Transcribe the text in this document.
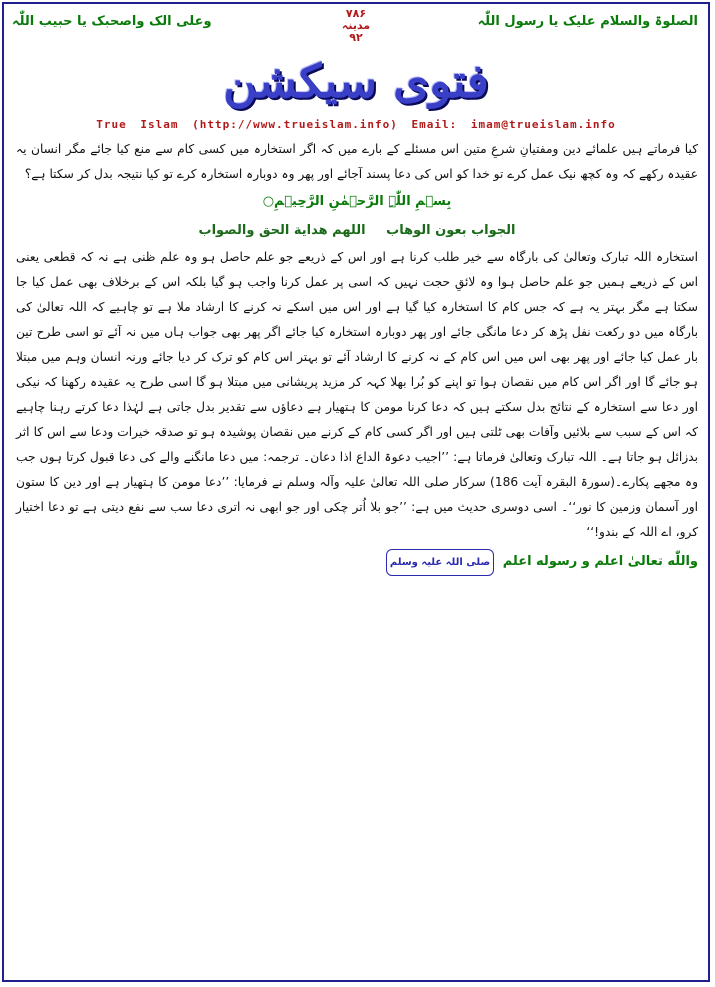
الصلوۃ والسلام علیک یا رسول اللّٰہ
۷۸۶
مدینہ
۹۲
وعلی الک واصحبک یا حبیب اللّٰہ
فتوی سیکشن
True Islam (http://www.trueislam.info) Email: imam@trueislam.info

کیا فرماتے ہیں علمائے دین ومفتیانِ شرعِ متین اس مسئلے کے بارے میں کہ اگر استخارہ میں کسی کام سے منع کیا جائے مگر انسان یہ عقیدہ رکھے کہ وہ کچھ نیک عمل کرے تو خدا کو اس کی دعا پسند آجائے اور پھر وہ دوبارہ استخارہ کرے تو کیا نتیجہ بدل کر سکتا ہے؟

بِسۡمِ اللّٰہِ الرَّحۡمٰنِ الرَّحِیۡمِ○
الجواب بعون الوهاب اللهم هداية الحق والصواب

استخارہ اللہ تبارک وتعالیٰ کی بارگاہ سے خیر طلب کرنا ہے اور اس کے ذریعے جو علم حاصل ہو وہ علم ظنی ہے نہ کہ قطعی یعنی اس کے ذریعے ہمیں جو علم حاصل ہوا وہ لائقِ حجت نہیں کہ اسی پر عمل کرنا واجب ہو گیا بلکہ اس کے برخلاف بھی عمل کیا جا سکتا ہے مگر بہتر یہ ہے کہ جس کام کا استخارہ کیا گیا ہے اور اس میں اسکے نہ کرنے کا ارشاد ملا ہے تو چاہیے کہ اللہ تعالیٰ کی بارگاہ میں دو رکعت نفل پڑھ کر دعا مانگی جائے اور پھر دوبارہ استخارہ کیا جائے اگر پھر بھی جواب ہاں میں نہ آئے تو اسی طرح تین بار عمل کیا جائے اور پھر بھی اس میں اس کام کے نہ کرنے کا ارشاد آئے تو بہتر اس کام کو ترک کر دیا جائے ورنہ انسان وہم میں مبتلا ہو جائے گا اور اگر اس کام میں نقصان ہوا تو اپنے کو بُرا بھلا کہہ کر مزید پریشانی میں مبتلا ہو گا اسی طرح یہ عقیدہ رکھنا کہ نیکی اور دعا سے استخارہ کے نتائج بدل سکتے ہیں کہ دعا کرنا مومن کا ہتھیار ہے دعاؤں سے تقدیر بدل جاتی ہے لہٰذا دعا کرتے رہنا چاہیے کہ اس کے سبب سے بلائیں وآفات بھی ٹلتی ہیں اور اگر کسی کام کے کرنے میں نقصان پوشیدہ ہو تو صدقہ خیرات ودعا سے اس کا اثر بدزائل ہو جاتا ہے۔ اللہ تبارک وتعالیٰ فرماتا ہے: ’’اجیب دعوۃ الداع اذا دعان۔ ترجمہ: میں دعا مانگنے والے کی دعا قبول کرتا ہوں جب وہ مجھے پکارے۔(سورۃ البقرہ آیت 186) سرکار صلی اللہ تعالیٰ علیہ وآلہ وسلم نے فرمایا: ’’دعا مومن کا ہتھیار ہے اور دین کا ستون اور آسمان وزمین کا نور‘‘۔ اسی دوسری حدیث میں ہے: ’’جو بلا اُتر چکی اور جو ابھی نہ اتری دعا سب سے نفع دیتی ہے تو دعا اختیار کرو، اے اللہ کے بندو!‘‘

واللّٰه تعالیٰ اعلم و رسوله اعلم صلی اللہ علیہ وسلم
